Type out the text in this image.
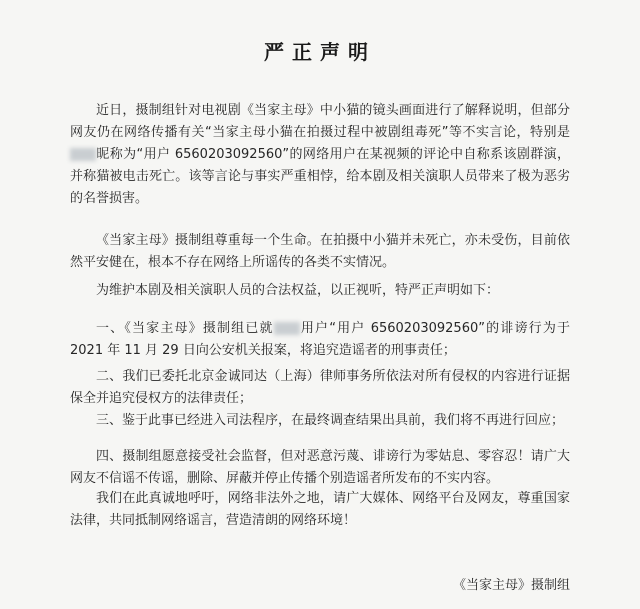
严正声明

近日，摄制组针对电视剧《当家主母》中小猫的镜头画面进行了解释说明，但部分网友仍在网络传播有关“当家主母小猫在拍摄过程中被剧组毒死”等不实言论，特别是昵称为“用户 6560203092560”的网络用户在某视频的评论中自称系该剧群演，并称猫被电击死亡。该等言论与事实严重相悖，给本剧及相关演职人员带来了极为恶劣的名誉损害。

《当家主母》摄制组尊重每一个生命。在拍摄中小猫并未死亡，亦未受伤，目前依然平安健在，根本不存在网络上所谣传的各类不实情况。

为维护本剧及相关演职人员的合法权益，以正视听，特严正声明如下：

一、《当家主母》摄制组已就 用户“用户 6560203092560”的诽谤行为于 2021 年 11 月 29 日向公安机关报案，将追究造谣者的刑事责任；

二、我们已委托北京金诚同达（上海）律师事务所依法对所有侵权的内容进行证据保全并追究侵权方的法律责任；

三、鉴于此事已经进入司法程序，在最终调查结果出具前，我们将不再进行回应；

四、摄制组愿意接受社会监督，但对恶意污蔑、诽谤行为零姑息、零容忍！请广大网友不信谣不传谣，删除、屏蔽并停止传播个别造谣者所发布的不实内容。

我们在此真诚地呼吁，网络非法外之地，请广大媒体、网络平台及网友，尊重国家法律，共同抵制网络谣言，营造清朗的网络环境！

《当家主母》摄制组
